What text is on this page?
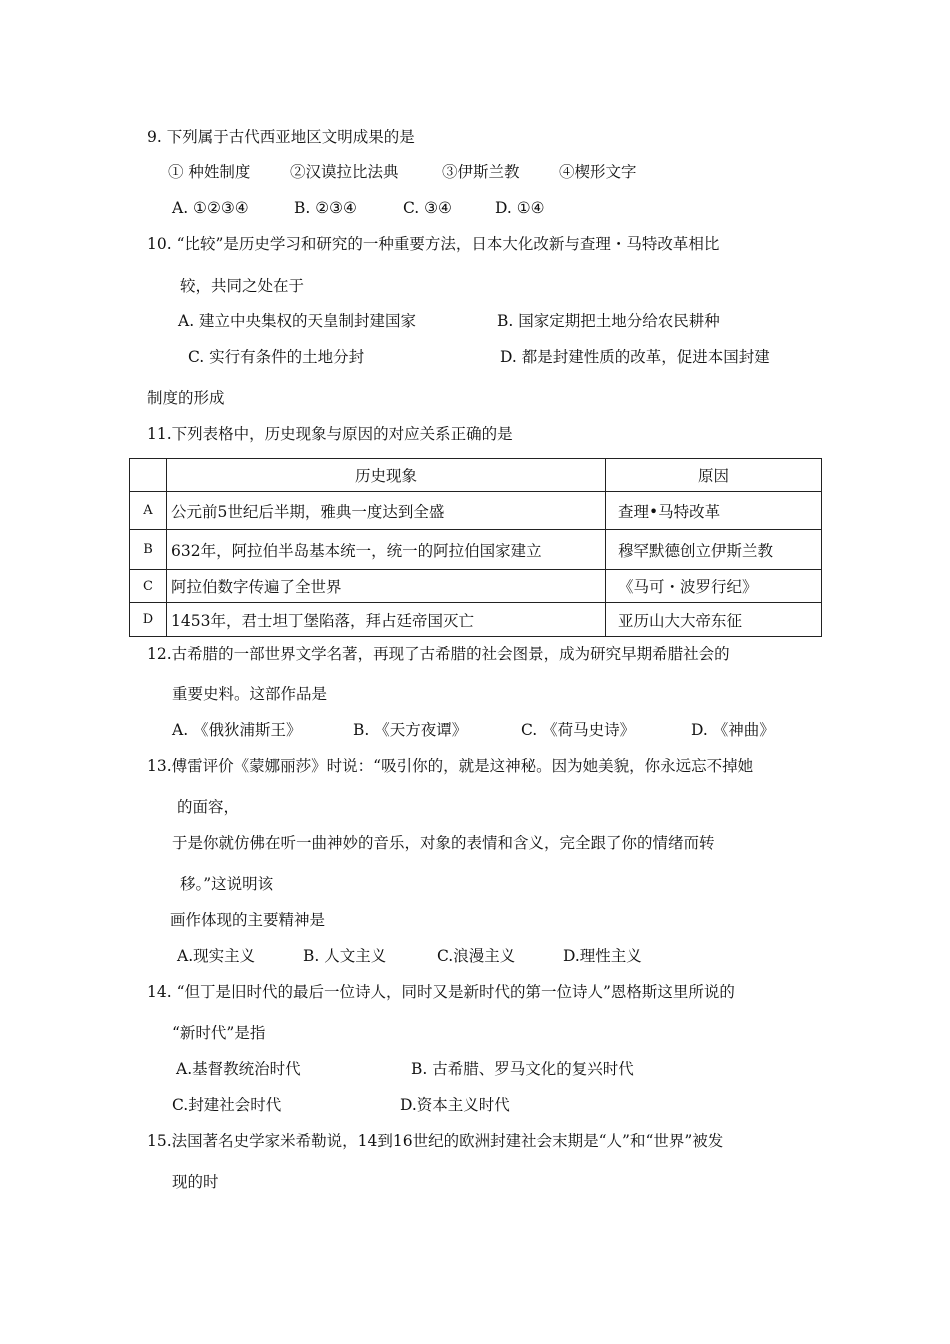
9. 下列属于古代西亚地区文明成果的是
① 种姓制度	②汉谟拉比法典	③伊斯兰教	④楔形文字
A. ①②③④	B. ②③④	C. ③④	D. ①④
10. “比较”是历史学习和研究的一种重要方法，日本大化改新与查理・马特改革相比
较，共同之处在于
A. 建立中央集权的天皇制封建国家	B. 国家定期把土地分给农民耕种
C. 实行有条件的土地分封	D. 都是封建性质的改革，促进本国封建
制度的形成
11.下列表格中，历史现象与原因的对应关系正确的是
	历史现象	原因
A	公元前5世纪后半期，雅典一度达到全盛	查理•马特改革
B	632年，阿拉伯半岛基本统一，统一的阿拉伯国家建立	穆罕默德创立伊斯兰教
C	阿拉伯数字传遍了全世界	《马可・波罗行纪》
D	1453年，君士坦丁堡陷落，拜占廷帝国灭亡	亚历山大大帝东征
12.古希腊的一部世界文学名著，再现了古希腊的社会图景，成为研究早期希腊社会的
重要史料。这部作品是
A. 《俄狄浦斯王》	B. 《天方夜谭》	C. 《荷马史诗》	D. 《神曲》
13.傅雷评价《蒙娜丽莎》时说：“吸引你的，就是这神秘。因为她美貌，你永远忘不掉她
的面容，
于是你就仿佛在听一曲神妙的音乐，对象的表情和含义，完全跟了你的情绪而转
移。”这说明该
画作体现的主要精神是
A.现实主义	B. 人文主义	C.浪漫主义	D.理性主义
14. “但丁是旧时代的最后一位诗人，同时又是新时代的第一位诗人”恩格斯这里所说的
“新时代”是指
A.基督教统治时代	B. 古希腊、罗马文化的复兴时代
C.封建社会时代	D.资本主义时代
15.法国著名史学家米希勒说，14到16世纪的欧洲封建社会末期是“人”和“世界”被发
现的时
